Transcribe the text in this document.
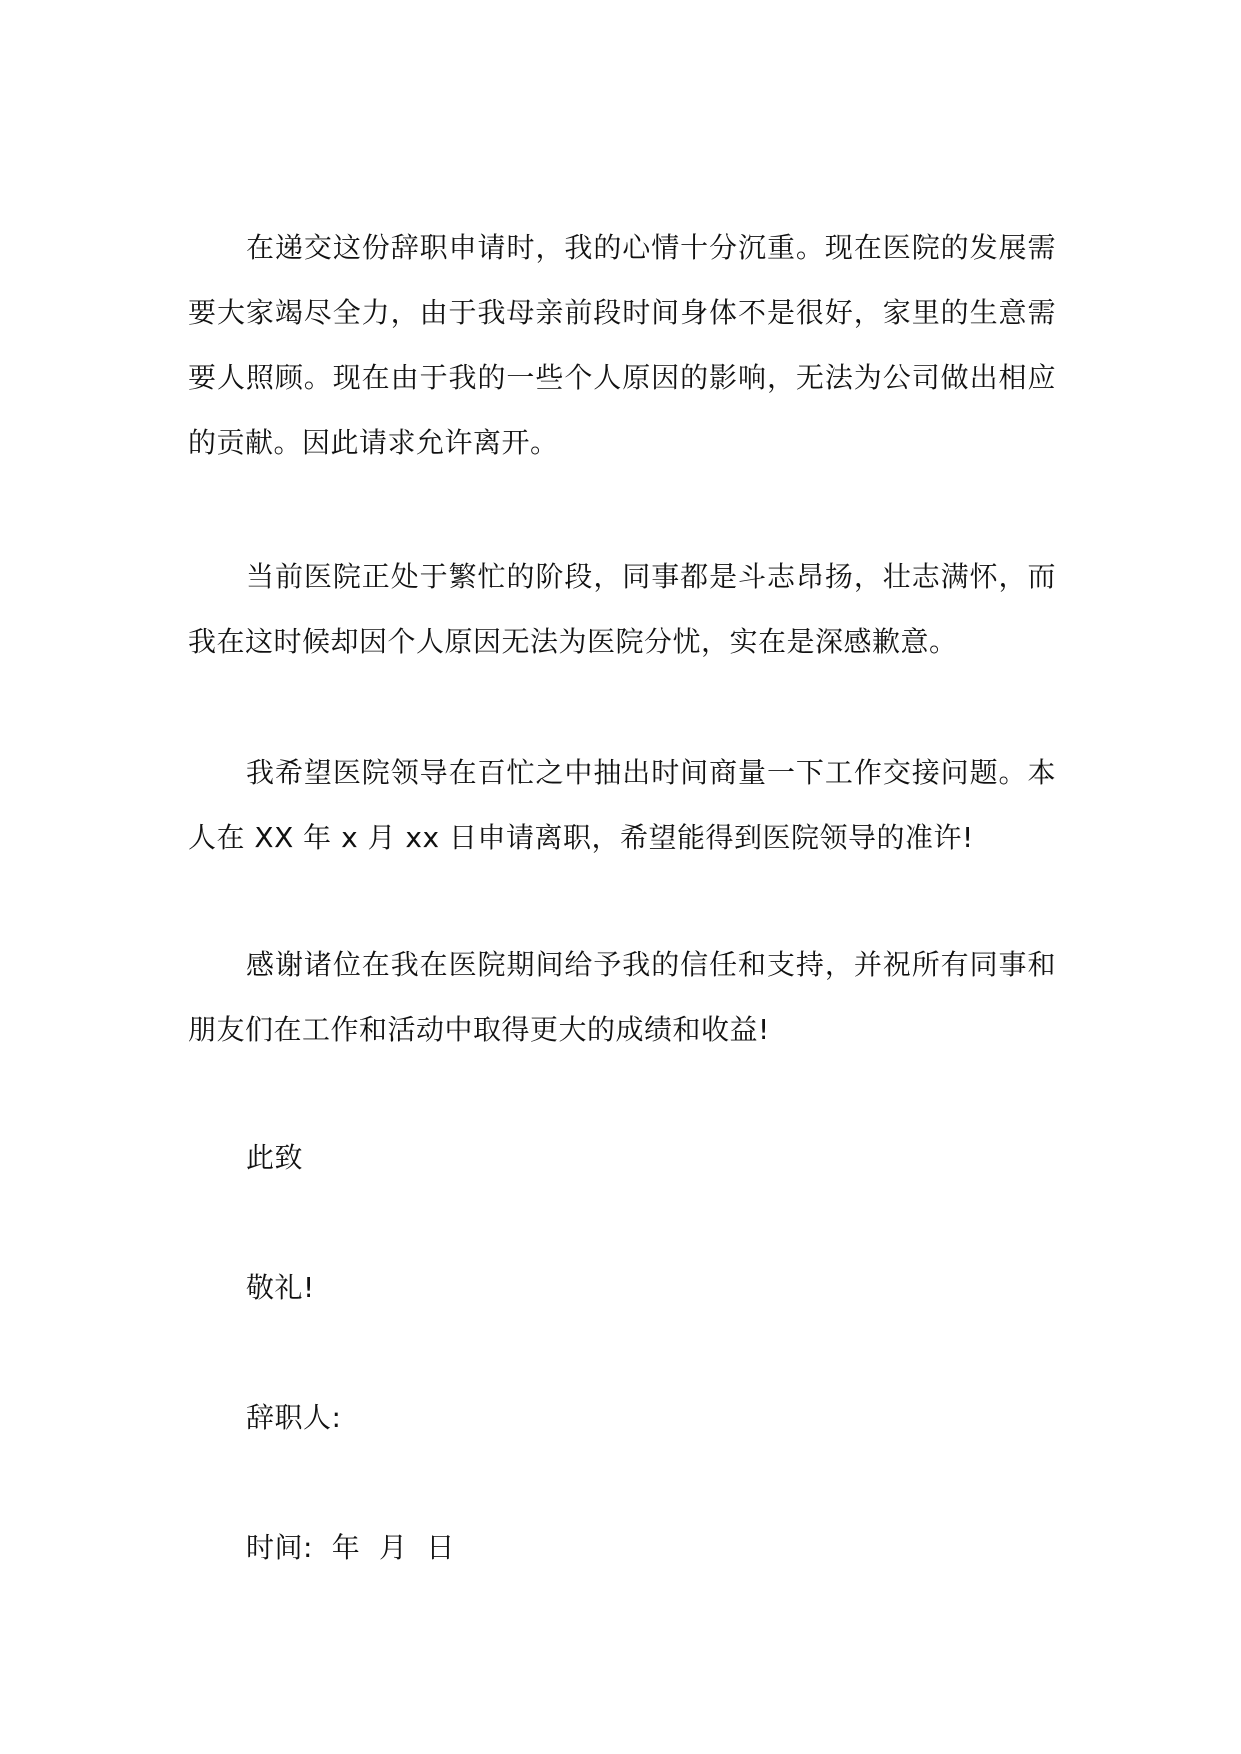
在递交这份辞职申请时，我的心情十分沉重。现在医院的发展需要大家竭尽全力，由于我母亲前段时间身体不是很好，家里的生意需要人照顾。现在由于我的一些个人原因的影响，无法为公司做出相应的贡献。因此请求允许离开。

当前医院正处于繁忙的阶段，同事都是斗志昂扬，壮志满怀，而我在这时候却因个人原因无法为医院分忧，实在是深感歉意。

我希望医院领导在百忙之中抽出时间商量一下工作交接问题。本人在 XX 年 x 月 xx 日申请离职，希望能得到医院领导的准许!

感谢诸位在我在医院期间给予我的信任和支持，并祝所有同事和朋友们在工作和活动中取得更大的成绩和收益!

此致

敬礼!

辞职人:

时间:  年  月  日
